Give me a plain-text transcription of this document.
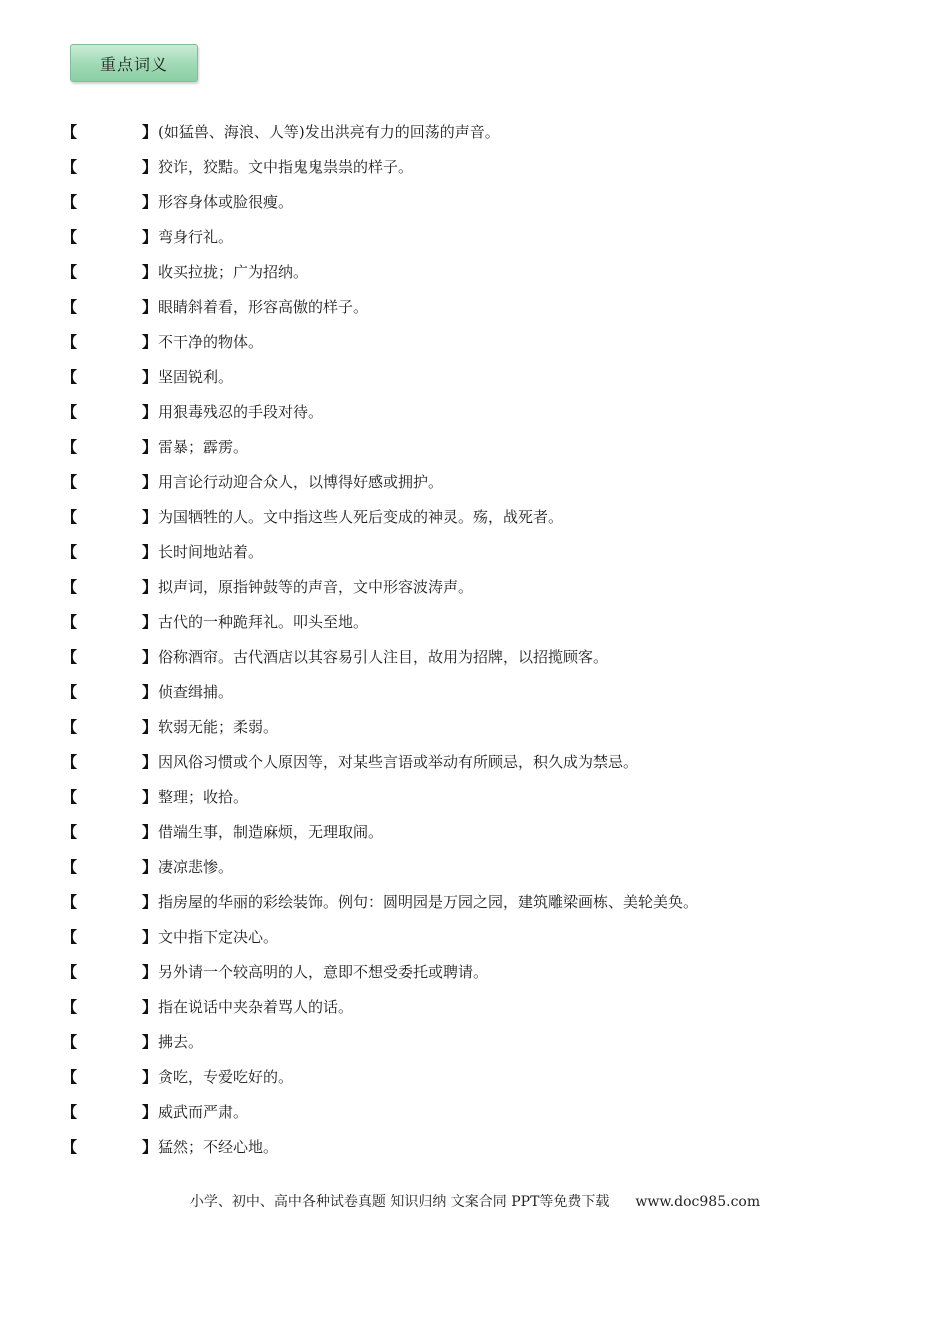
重点词义
【	】 (如猛兽、海浪、人等)发出洪亮有力的回荡的声音。
【	】 狡诈，狡黠。文中指鬼鬼祟祟的样子。
【	】 形容身体或脸很瘦。
【	】 弯身行礼。
【	】 收买拉拢；广为招纳。
【	】 眼睛斜着看，形容高傲的样子。
【	】 不干净的物体。
【	】 坚固锐利。
【	】 用狠毒残忍的手段对待。
【	】 雷暴；霹雳。
【	】 用言论行动迎合众人，以博得好感或拥护。
【	】 为国牺牲的人。文中指这些人死后变成的神灵。殇，战死者。
【	】 长时间地站着。
【	】 拟声词，原指钟鼓等的声音，文中形容波涛声。
【	】 古代的一种跪拜礼。叩头至地。
【	】 俗称酒帘。古代酒店以其容易引人注目，故用为招牌，以招揽顾客。
【	】 侦查缉捕。
【	】 软弱无能；柔弱。
【	】 因风俗习惯或个人原因等，对某些言语或举动有所顾忌，积久成为禁忌。
【	】 整理；收拾。
【	】 借端生事，制造麻烦，无理取闹。
【	】 凄凉悲惨。
【	】 指房屋的华丽的彩绘装饰。例句：圆明园是万园之园，建筑雕梁画栋、美轮美奂。
【	】 文中指下定决心。
【	】 另外请一个较高明的人，意即不想受委托或聘请。
【	】 指在说话中夹杂着骂人的话。
【	】 拂去。
【	】 贪吃，专爱吃好的。
【	】 威武而严肃。
【	】 猛然；不经心地。
小学、初中、高中各种试卷真题 知识归纳 文案合同 PPT等免费下载 www.doc985.com
